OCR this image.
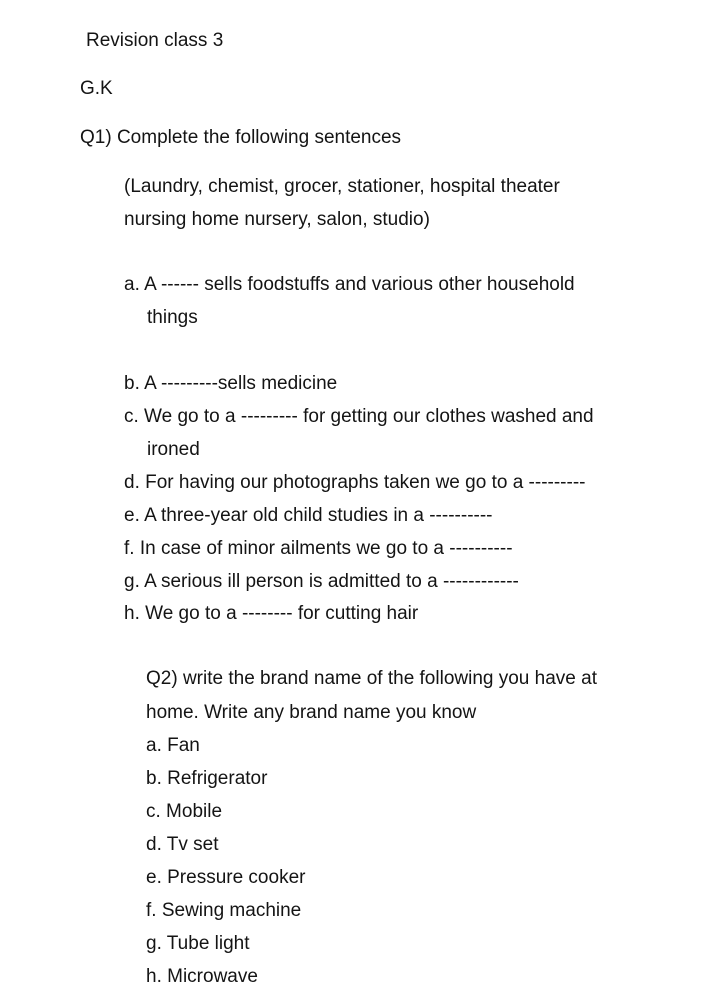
Revision class 3

G.K

Q1) Complete the following sentences

(Laundry, chemist, grocer, stationer, hospital theater

nursing home nursery, salon, studio)

a. A ------ sells foodstuffs and various other household
things
b. A ---------sells medicine
c. We go to a --------- for getting our clothes washed and
ironed
d. For having our photographs taken we go to a ---------
e. A three-year old child studies in a ----------
f. In case of minor ailments we go to a ----------
g. A serious ill person is admitted to a ------------
h. We go to a -------- for cutting hair

Q2) write the brand name of the following you have at

home. Write any brand name you know

a. Fan
b. Refrigerator
c. Mobile
d. Tv set
e. Pressure cooker
f. Sewing machine
g. Tube light
h. Microwave
